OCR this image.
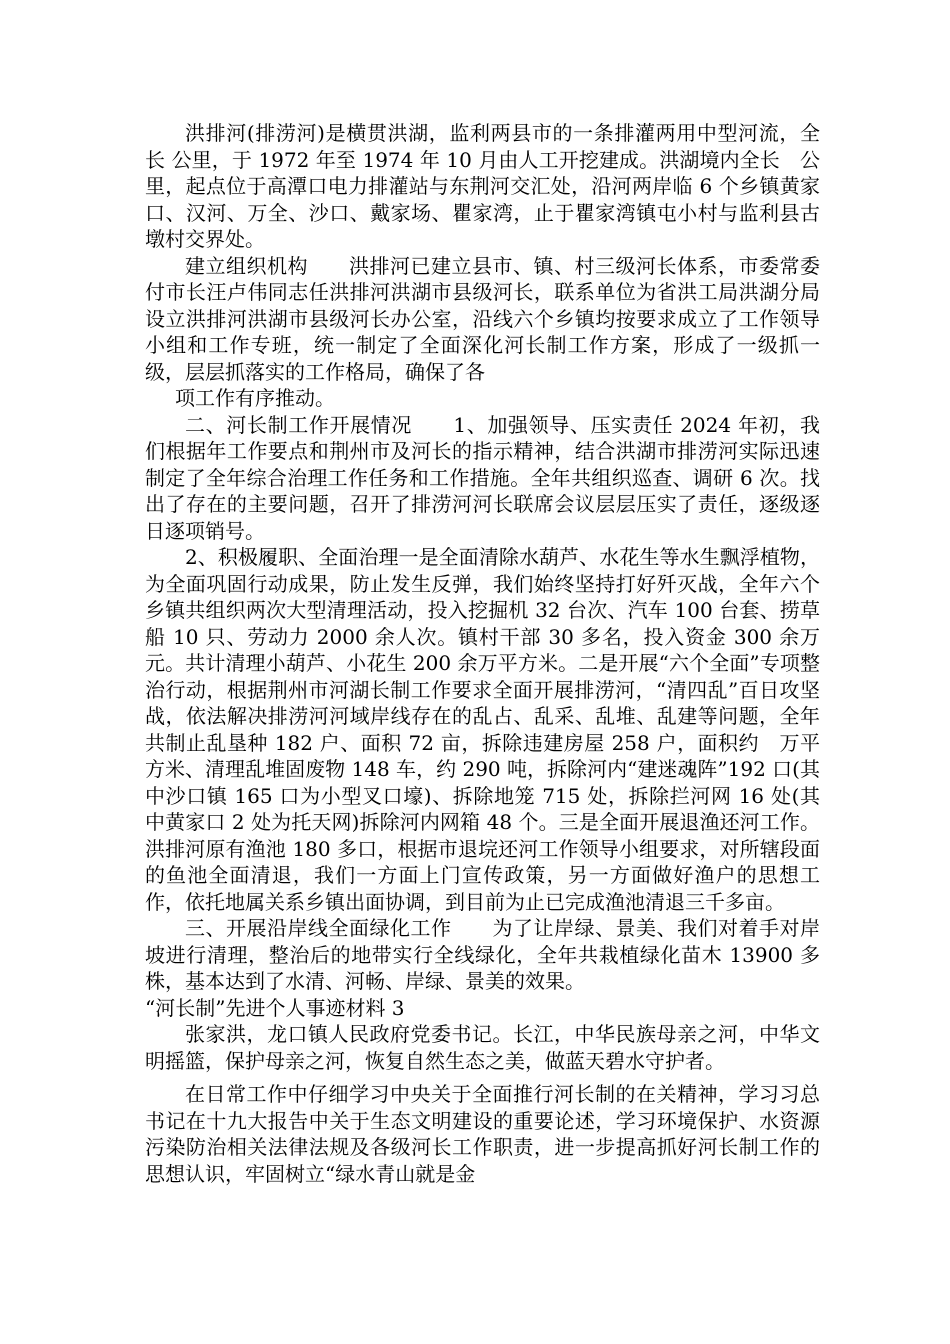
洪排河(排涝河)是横贯洪湖，监利两县市的一条排灌两用中型河流，全长 公里，于 1972 年至 1974 年 10 月由人工开挖建成。洪湖境内全长　公里，起点位于高潭口电力排灌站与东荆河交汇处，沿河两岸临 6 个乡镇黄家口、汉河、万全、沙口、戴家场、瞿家湾，止于瞿家湾镇屯小村与监利县古墩村交界处。

建立组织机构　　洪排河已建立县市、镇、村三级河长体系，市委常委付市长汪卢伟同志任洪排河洪湖市县级河长，联系单位为省洪工局洪湖分局设立洪排河洪湖市县级河长办公室，沿线六个乡镇均按要求成立了工作领导小组和工作专班，统一制定了全面深化河长制工作方案，形成了一级抓一级，层层抓落实的工作格局，确保了各

项工作有序推动。

二、河长制工作开展情况　　1、加强领导、压实责任 2024 年初，我们根据年工作要点和荆州市及河长的指示精神，结合洪湖市排涝河实际迅速制定了全年综合治理工作任务和工作措施。全年共组织巡查、调研 6 次。找出了存在的主要问题，召开了排涝河河长联席会议层层压实了责任，逐级逐日逐项销号。

2、积极履职、全面治理一是全面清除水葫芦、水花生等水生飘浮植物，为全面巩固行动成果，防止发生反弹，我们始终坚持打好歼灭战，全年六个乡镇共组织两次大型清理活动，投入挖掘机 32 台次、汽车 100 台套、捞草船 10 只、劳动力 2000 余人次。镇村干部 30 多名，投入资金 300 余万元。共计清理小葫芦、小花生 200 余万平方米。二是开展“六个全面”专项整治行动，根据荆州市河湖长制工作要求全面开展排涝河，“清四乱”百日攻坚战，依法解决排涝河河域岸线存在的乱占、乱采、乱堆、乱建等问题，全年共制止乱垦种 182 户、面积 72 亩，拆除违建房屋 258 户，面积约　万平方米、清理乱堆固废物 148 车，约 290 吨，拆除河内“建迷魂阵”192 口(其中沙口镇 165 口为小型叉口壕)、拆除地笼 715 处，拆除拦河网 16 处(其中黄家口 2 处为托天网)拆除河内网箱 48 个。三是全面开展退渔还河工作。洪排河原有渔池 180 多口，根据市退垸还河工作领导小组要求，对所辖段面的鱼池全面清退，我们一方面上门宣传政策，另一方面做好渔户的思想工作，依托地属关系乡镇出面协调，到目前为止已完成渔池清退三千多亩。

三、开展沿岸线全面绿化工作　　为了让岸绿、景美、我们对着手对岸坡进行清理，整治后的地带实行全线绿化，全年共栽植绿化苗木 13900 多株，基本达到了水清、河畅、岸绿、景美的效果。

“河长制”先进个人事迹材料 3

张家洪，龙口镇人民政府党委书记。长江，中华民族母亲之河，中华文明摇篮，保护母亲之河，恢复自然生态之美，做蓝天碧水守护者。

在日常工作中仔细学习中央关于全面推行河长制的在关精神，学习习总书记在十九大报告中关于生态文明建设的重要论述，学习环境保护、水资源污染防治相关法律法规及各级河长工作职责，进一步提高抓好河长制工作的思想认识，牢固树立“绿水青山就是金
